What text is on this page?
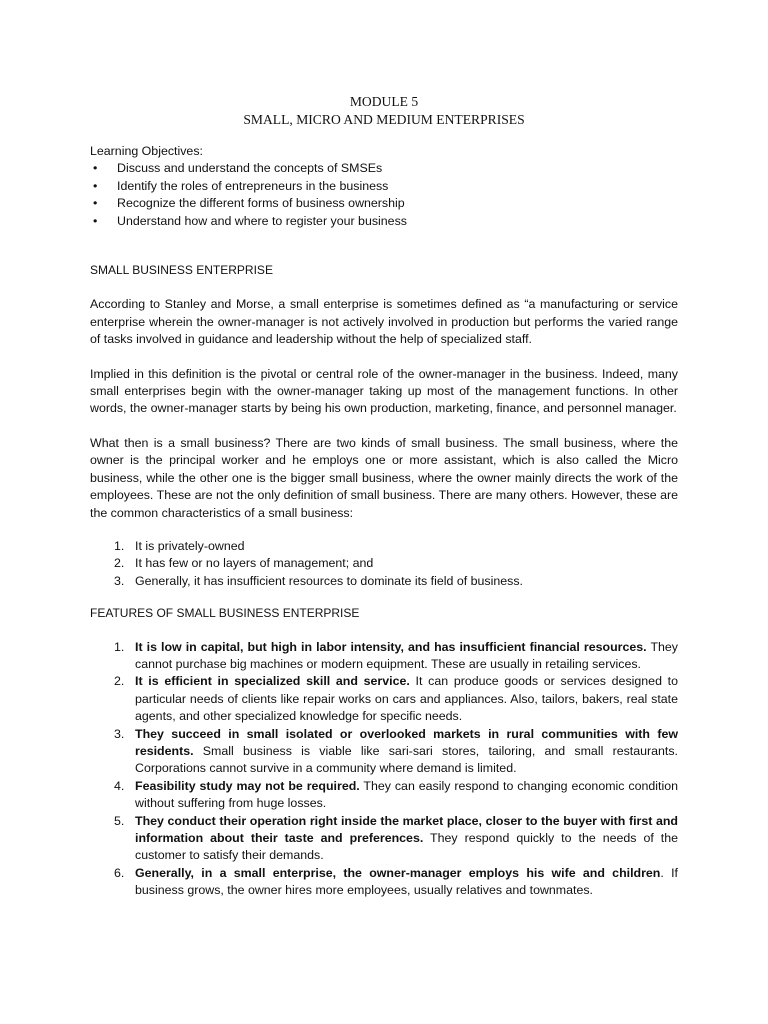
MODULE 5
SMALL, MICRO AND MEDIUM ENTERPRISES
Learning Objectives:
• Discuss and understand the concepts of SMSEs
• Identify the roles of entrepreneurs in the business
• Recognize the different forms of business ownership
• Understand how and where to register your business
SMALL BUSINESS ENTERPRISE

According to Stanley and Morse, a small enterprise is sometimes defined as “a manufacturing or service enterprise wherein the owner-manager is not actively involved in production but performs the varied range of tasks involved in guidance and leadership without the help of specialized staff.

Implied in this definition is the pivotal or central role of the owner-manager in the business. Indeed, many small enterprises begin with the owner-manager taking up most of the management functions. In other words, the owner-manager starts by being his own production, marketing, finance, and personnel manager.

What then is a small business? There are two kinds of small business. The small business, where the owner is the principal worker and he employs one or more assistant, which is also called the Micro business, while the other one is the bigger small business, where the owner mainly directs the work of the employees. These are not the only definition of small business. There are many others. However, these are the common characteristics of a small business:

1. It is privately-owned
2. It has few or no layers of management; and
3. Generally, it has insufficient resources to dominate its field of business.
FEATURES OF SMALL BUSINESS ENTERPRISE
1. It is low in capital, but high in labor intensity, and has insufficient financial resources. They cannot purchase big machines or modern equipment. These are usually in retailing services.
2. It is efficient in specialized skill and service. It can produce goods or services designed to particular needs of clients like repair works on cars and appliances. Also, tailors, bakers, real state agents, and other specialized knowledge for specific needs.
3. They succeed in small isolated or overlooked markets in rural communities with few residents. Small business is viable like sari-sari stores, tailoring, and small restaurants. Corporations cannot survive in a community where demand is limited.
4. Feasibility study may not be required. They can easily respond to changing economic condition without suffering from huge losses.
5. They conduct their operation right inside the market place, closer to the buyer with first and information about their taste and preferences. They respond quickly to the needs of the customer to satisfy their demands.
6. Generally, in a small enterprise, the owner-manager employs his wife and children. If business grows, the owner hires more employees, usually relatives and townmates.
